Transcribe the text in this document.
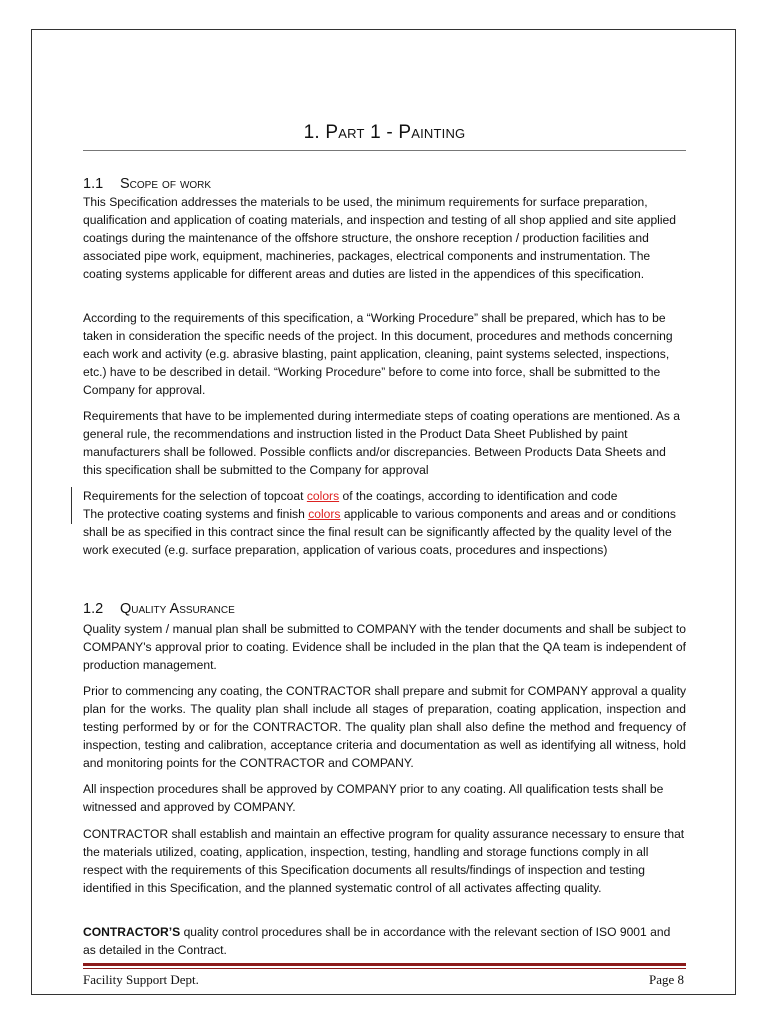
1. Part 1 - Painting
1.1 Scope of work

This Specification addresses the materials to be used, the minimum requirements for surface preparation, qualification and application of coating materials, and inspection and testing of all shop applied and site applied coatings during the maintenance of the offshore structure, the onshore reception / production facilities and associated pipe work, equipment, machineries, packages, electrical components and instrumentation. The coating systems applicable for different areas and duties are listed in the appendices of this specification.

According to the requirements of this specification, a “Working Procedure” shall be prepared, which has to be taken in consideration the specific needs of the project. In this document, procedures and methods concerning each work and activity (e.g. abrasive blasting, paint application, cleaning, paint systems selected, inspections, etc.) have to be described in detail. “Working Procedure” before to come into force, shall be submitted to the Company for approval.

Requirements that have to be implemented during intermediate steps of coating operations are mentioned. As a general rule, the recommendations and instruction listed in the Product Data Sheet Published by paint manufacturers shall be followed. Possible conflicts and/or discrepancies. Between Products Data Sheets and this specification shall be submitted to the Company for approval

Requirements for the selection of topcoat colors of the coatings, according to identification and code
The protective coating systems and finish colors applicable to various components and areas and or conditions shall be as specified in this contract since the final result can be significantly affected by the quality level of the work executed (e.g. surface preparation, application of various coats, procedures and inspections)

1.2 Quality Assurance

Quality system / manual plan shall be submitted to COMPANY with the tender documents and shall be subject to COMPANY's approval prior to coating. Evidence shall be included in the plan that the QA team is independent of production management.

Prior to commencing any coating, the CONTRACTOR shall prepare and submit for COMPANY approval a quality plan for the works. The quality plan shall include all stages of preparation, coating application, inspection and testing performed by or for the CONTRACTOR. The quality plan shall also define the method and frequency of inspection, testing and calibration, acceptance criteria and documentation as well as identifying all witness, hold and monitoring points for the CONTRACTOR and COMPANY.

All inspection procedures shall be approved by COMPANY prior to any coating. All qualification tests shall be witnessed and approved by COMPANY.

CONTRACTOR shall establish and maintain an effective program for quality assurance necessary to ensure that the materials utilized, coating, application, inspection, testing, handling and storage functions comply in all respect with the requirements of this Specification documents all results/findings of inspection and testing identified in this Specification, and the planned systematic control of all activates affecting quality.

CONTRACTOR’S quality control procedures shall be in accordance with the relevant section of ISO 9001 and as detailed in the Contract.

Facility Support Dept.	Page 8
